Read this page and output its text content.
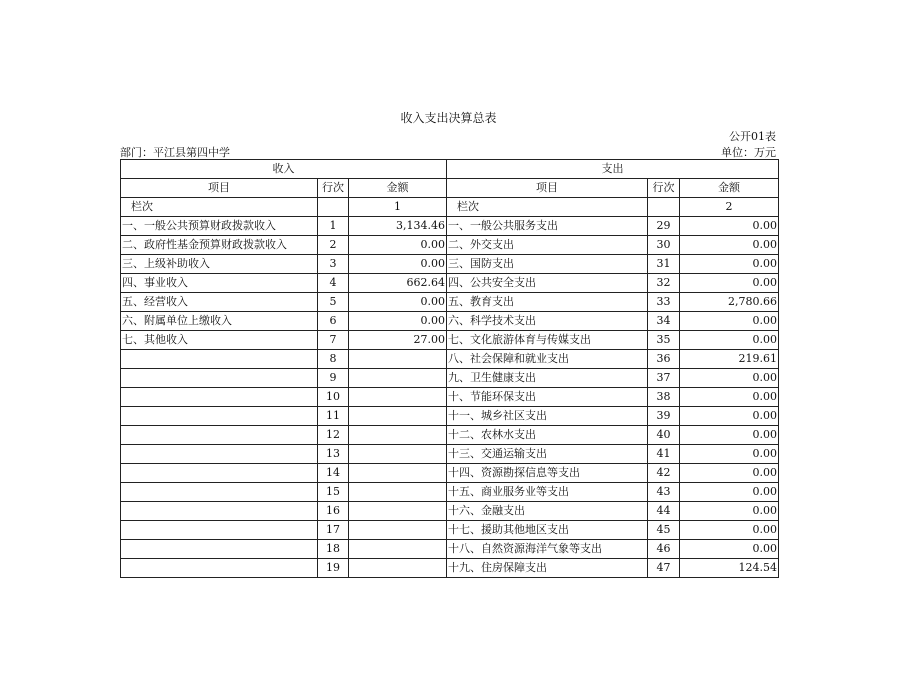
收入支出决算总表
公开01表
部门：平江县第四中学	单位：万元
收入			支出		
项目	行次	金额	项目	行次	金额
栏次		1	栏次		2
一、一般公共预算财政拨款收入	1	3,134.46	一、一般公共服务支出	29	0.00
二、政府性基金预算财政拨款收入	2	0.00	二、外交支出	30	0.00
三、上级补助收入	3	0.00	三、国防支出	31	0.00
四、事业收入	4	662.64	四、公共安全支出	32	0.00
五、经营收入	5	0.00	五、教育支出	33	2,780.66
六、附属单位上缴收入	6	0.00	六、科学技术支出	34	0.00
七、其他收入	7	27.00	七、文化旅游体育与传媒支出	35	0.00
	8		八、社会保障和就业支出	36	219.61
	9		九、卫生健康支出	37	0.00
	10		十、节能环保支出	38	0.00
	11		十一、城乡社区支出	39	0.00
	12		十二、农林水支出	40	0.00
	13		十三、交通运输支出	41	0.00
	14		十四、资源勘探信息等支出	42	0.00
	15		十五、商业服务业等支出	43	0.00
	16		十六、金融支出	44	0.00
	17		十七、援助其他地区支出	45	0.00
	18		十八、自然资源海洋气象等支出	46	0.00
	19		十九、住房保障支出	47	124.54
